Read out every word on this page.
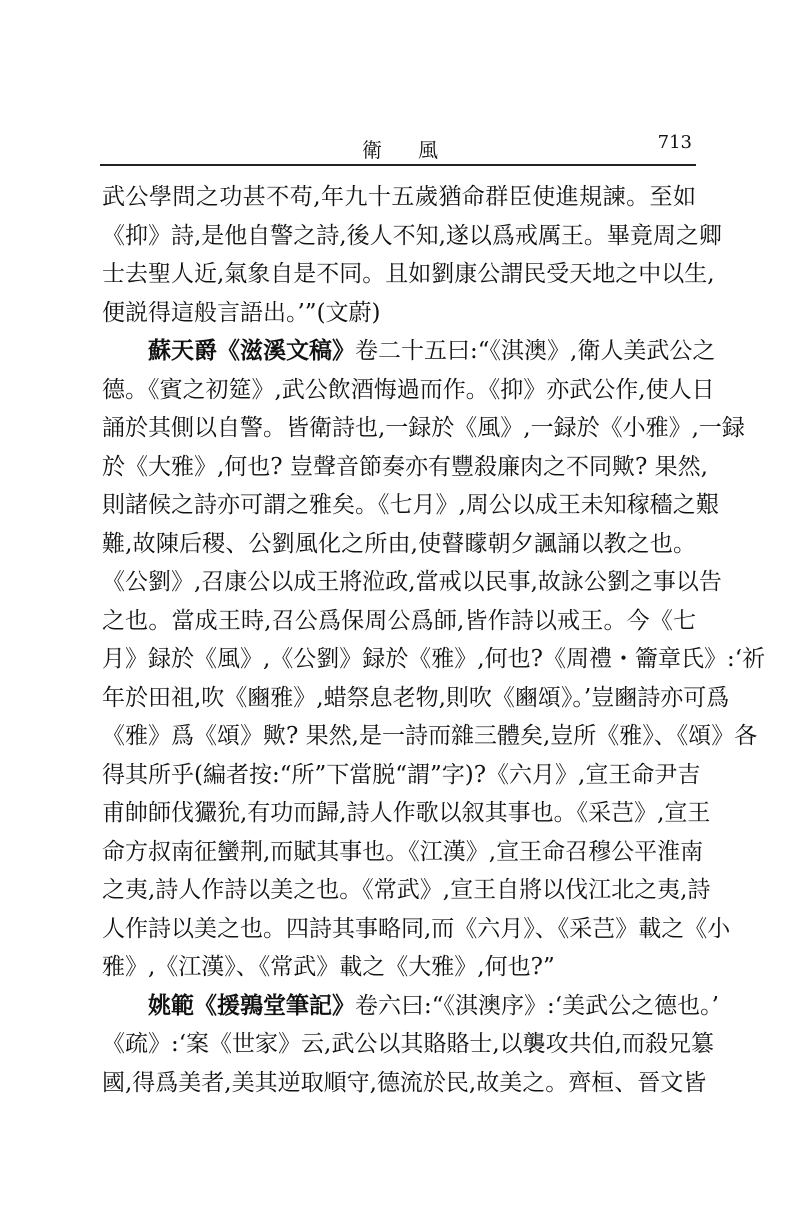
衛風	713
武公學問之功甚不苟,年九十五歲猶命群臣使進規諫。至如
《抑》詩,是他自警之詩,後人不知,遂以爲戒厲王。畢竟周之卿
士去聖人近,氣象自是不同。且如劉康公謂民受天地之中以生,
便説得這般言語出。’”(文蔚)
蘇天爵《滋溪文稿》卷二十五曰:“《淇澳》,衛人美武公之
德。《賓之初筵》,武公飲酒悔過而作。《抑》亦武公作,使人日
誦於其側以自警。皆衛詩也,一録於《風》,一録於《小雅》,一録
於《大雅》,何也? 豈聲音節奏亦有豐殺廉肉之不同歟? 果然,
則諸候之詩亦可謂之雅矣。《七月》,周公以成王未知稼穡之艱
難,故陳后稷、公劉風化之所由,使瞽矇朝夕諷誦以教之也。
《公劉》,召康公以成王將涖政,當戒以民事,故詠公劉之事以告
之也。當成王時,召公爲保周公爲師,皆作詩以戒王。今《七
月》録於《風》,《公劉》録於《雅》,何也?《周禮・籥章氏》:‘祈
年於田祖,吹《豳雅》,蜡祭息老物,則吹《豳頌》。’豈豳詩亦可爲
《雅》爲《頌》歟? 果然,是一詩而雜三體矣,豈所《雅》、《頌》各
得其所乎(編者按:“所”下當脱“謂”字)?《六月》,宣王命尹吉
甫帥師伐玁狁,有功而歸,詩人作歌以叙其事也。《采芑》,宣王
命方叔南征蠻荆,而賦其事也。《江漢》,宣王命召穆公平淮南
之夷,詩人作詩以美之也。《常武》,宣王自將以伐江北之夷,詩
人作詩以美之也。四詩其事略同,而《六月》、《采芑》載之《小
雅》,《江漢》、《常武》載之《大雅》,何也?”
姚範《援鶉堂筆記》卷六曰:“《淇澳序》:‘美武公之德也。’
《疏》:‘案《世家》云,武公以其賂賂士,以襲攻共伯,而殺兄簒
國,得爲美者,美其逆取順守,德流於民,故美之。齊桓、晉文皆
